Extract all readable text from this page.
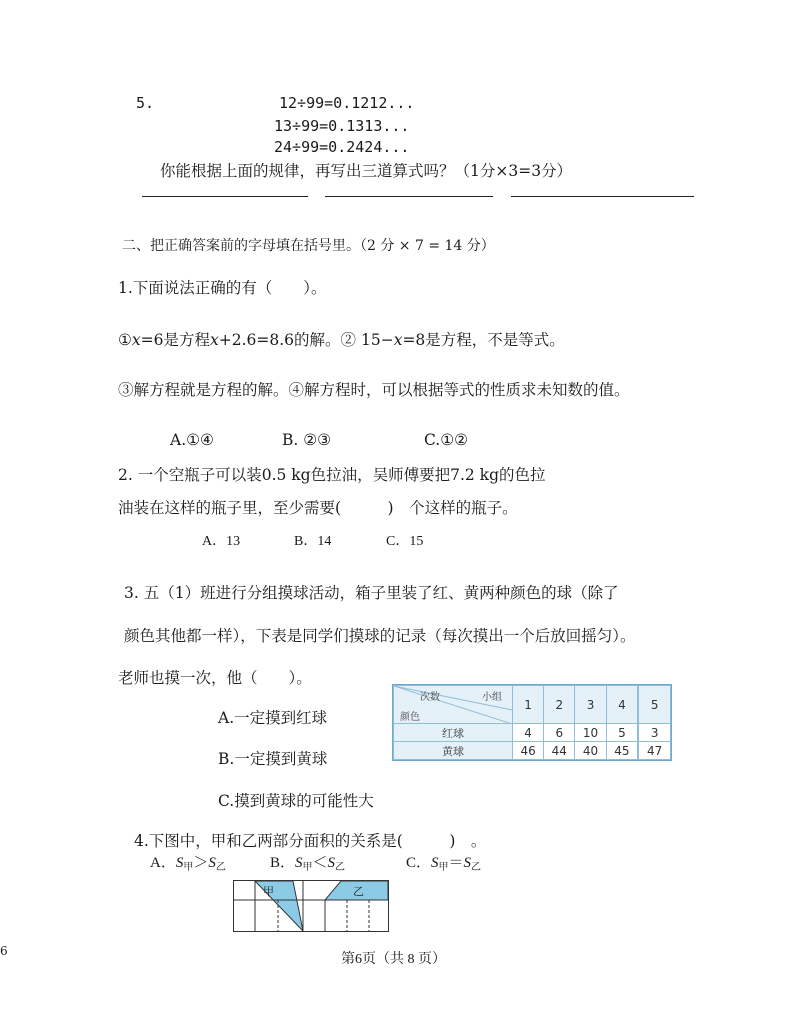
5.	12÷99=0.1212...
13÷99=0.1313...
24÷99=0.2424...
你能根据上面的规律，再写出三道算式吗？（1分×3=3分）
二、把正确答案前的字母填在括号里。（2 分 × 7 = 14 分）
1.下面说法正确的有（　　）。
①x=6是方程x+2.6=8.6的解。② 15−x=8是方程，不是等式。
③解方程就是方程的解。④解方程时，可以根据等式的性质求未知数的值。
A.①④	B. ②③	C.①②
2. 一个空瓶子可以装0.5 kg色拉油，吴师傅要把7.2 kg的色拉
油装在这样的瓶子里，至少需要(　　　)　个这样的瓶子。
A．13	B．14	C．15
3. 五（1）班进行分组摸球活动，箱子里装了红、黄两种颜色的球（除了
颜色其他都一样），下表是同学们摸球的记录（每次摸出一个后放回摇匀）。
老师也摸一次，他（　　）。
A.一定摸到红球
B.一定摸到黄球
C.摸到黄球的可能性大
次数 小组
颜色	1	2	3	4	5
红球	4	6	10	5	3
黄球	46	44	40	45	47
4.下图中，甲和乙两部分面积的关系是(　　　)　。
A．$S_甲>S_乙$	B．$S_甲<S_乙$	C．$S_甲=S_乙$
甲	乙
6
第6页（共 8 页）
